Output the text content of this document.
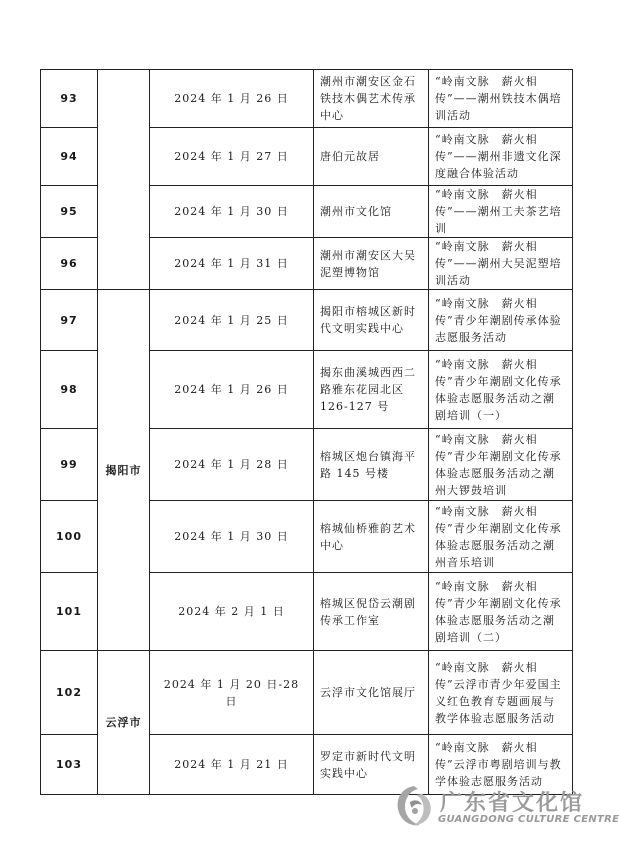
93		2024 年 1 月 26 日	潮州市潮安区金石铁技木偶艺术传承中心	“岭南文脉　薪火相传”——潮州铁技木偶培训活动
94		2024 年 1 月 27 日	唐伯元故居	“岭南文脉　薪火相传”——潮州非遗文化深度融合体验活动
95		2024 年 1 月 30 日	潮州市文化馆	“岭南文脉　薪火相传”——潮州工夫茶艺培训
96		2024 年 1 月 31 日	潮州市潮安区大吴泥塑博物馆	“岭南文脉　薪火相传”——潮州大吴泥塑培训活动
97	揭阳市	2024 年 1 月 25 日	揭阳市榕城区新时代文明实践中心	“岭南文脉　薪火相传”青少年潮剧传承体验志愿服务活动
98		2024 年 1 月 26 日	揭东曲溪城西西二路雅东花园北区 126-127 号	“岭南文脉　薪火相传”青少年潮剧文化传承体验志愿服务活动之潮剧培训（一）
99		2024 年 1 月 28 日	榕城区炮台镇海平路 145 号楼	“岭南文脉　薪火相传”青少年潮剧文化传承体验志愿服务活动之潮州大锣鼓培训
100		2024 年 1 月 30 日	榕城仙桥雅韵艺术中心	“岭南文脉　薪火相传”青少年潮剧文化传承体验志愿服务活动之潮州音乐培训
101		2024 年 2 月 1 日	榕城区倪岱云潮剧传承工作室	“岭南文脉　薪火相传”青少年潮剧文化传承体验志愿服务活动之潮剧培训（二）
102	云浮市	2024 年 1 月 20 日-28 日	云浮市文化馆展厅	“岭南文脉　薪火相传”云浮市青少年爱国主义红色教育专题画展与教学体验志愿服务活动
103		2024 年 1 月 21 日	罗定市新时代文明实践中心	“岭南文脉　薪火相传”云浮市粤剧培训与教学体验志愿服务活动
广东省文化馆
GUANGDONG CULTURE CENTRE
